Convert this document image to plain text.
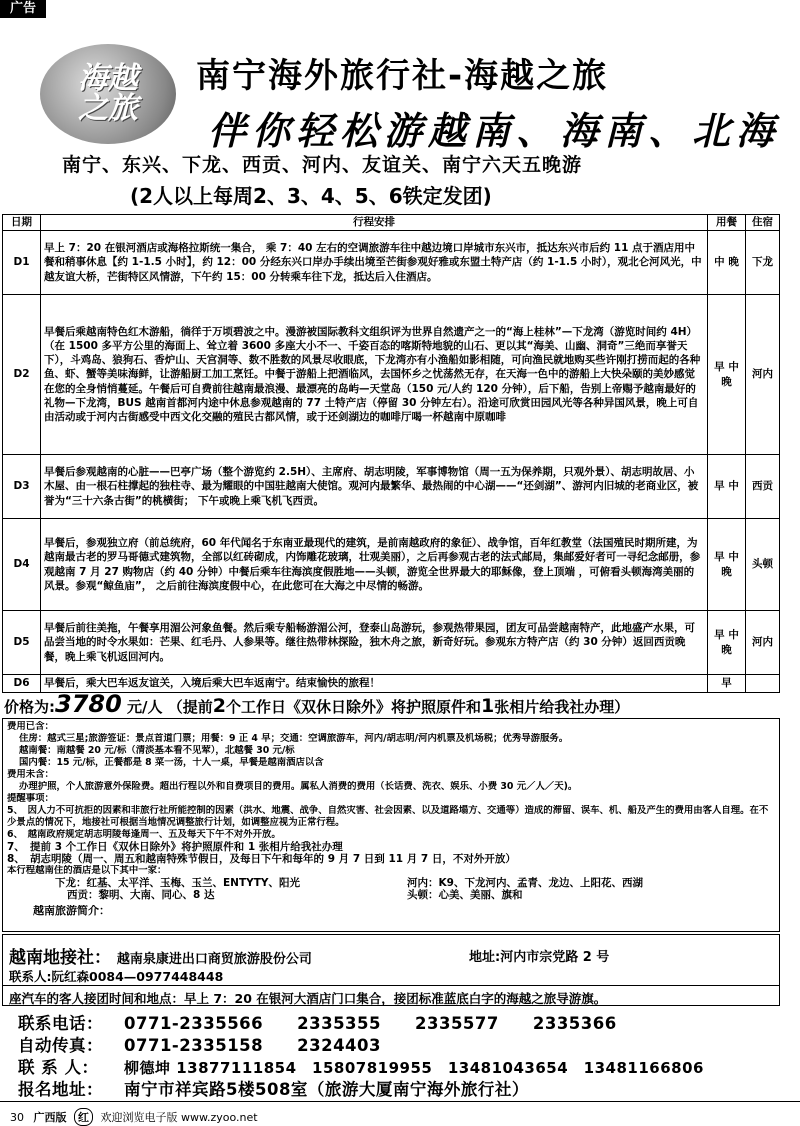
广告
海越之旅
南宁海外旅行社-海越之旅
伴你轻松游越南、海南、北海
南宁、东兴、下龙、西贡、河内、友谊关、南宁六天五晚游
(2人以上每周2、3、4、5、6铁定发团)
日期	行程安排	用餐	住宿
D1	早上 7：20 在银河酒店或海格拉斯统一集合， 乘 7：40 左右的空调旅游车往中越边境口岸城市东兴市，抵达东兴市后约 11 点于酒店用中餐和稍事休息【约 1-1.5 小时】，约 12：00 分经东兴口岸办手续出境至芒街参观好雅或东盟土特产店（约 1-1.5 小时），观北仑河风光，中越友谊大桥，芒街特区风情游，下午约 15：00 分转乘车往下龙，抵达后入住酒店。	中 晚	下龙
D2	早餐后乘越南特色红木游船，徜徉于万顷碧波之中。漫游被国际教科文组织评为世界自然遗产之一的“海上桂林”—下龙湾（游览时间约 4H）（在 1500 多平方公里的海面上、耸立着 3600 多座大小不一、千姿百态的喀斯特地貌的山石、更以其“海美、山幽、洞奇”三绝而享誉天下），斗鸡岛、狼狗石、香炉山、天宫洞等、数不胜数的风景尽收眼底，下龙湾亦有小渔船如影相随，可向渔民就地购买些许刚打捞而起的各种鱼、虾、蟹等美味海鲜，让游船厨工加工烹饪。中餐于游船上把酒临风，去国怀乡之忧荡然无存，在天海一色中的游船上大快朵颐的美妙感觉在您的全身悄悄蔓延。午餐后可自费前往越南最浪漫、最漂亮的岛屿—天堂岛（150 元/人约 120 分钟），后下船，告别上帝赐予越南最好的礼物—下龙湾，BUS 越南首都河内途中休息参观越南的 77 土特产店（停留 30 分钟左右）。沿途可欣赏田园风光等各种异国风景，晚上可自由活动或于河内古街感受中西文化交融的殖民古都风情，或于还剑湖边的咖啡厅喝一杯越南中原咖啡	早 中 晚	河内
D3	早餐后参观越南的心脏——巴亭广场（整个游览约 2.5H）、主席府、胡志明陵，军事博物馆（周一五为保养期，只观外景）、胡志明故居、小木屋、由一根石柱撑起的独柱寺、最为耀眼的中国驻越南大使馆。观河内最繁华、最热闹的中心湖——“还剑湖”、游河内旧城的老商业区，被誉为“三十六条古街”的桃横街； 下午或晚上乘飞机飞西贡。	早 中	西贡
D4	早餐后，参观独立府（前总统府，60 年代闻名于东南亚最现代的建筑，是前南越政府的象征）、战争馆，百年红教堂（法国殖民时期所建，为越南最古老的罗马哥德式建筑物，全部以红砖砌成，内饰雕花玻璃，壮观美丽），之后再参观古老的法式邮局，集邮爱好者可一寻纪念邮册，参观越南 7 月 27 购物店（约 40 分钟）中餐后乘车往海滨度假胜地——头顿，游览全世界最大的耶稣像，登上顶端 ，可俯看头顿海湾美丽的风景。参观“鲸鱼庙”， 之后前往海滨度假中心，在此您可在大海之中尽情的畅游。	早 中 晚	头顿
D5	早餐后前往美拖，午餐享用湄公河象鱼餐。然后乘专船畅游湄公河，登泰山岛游玩，参观热带果园，团友可品尝越南特产，此地盛产水果，可品尝当地的时令水果如：芒果、红毛丹、人参果等。继往热带林探险，独木舟之旅，新奇好玩。参观东方特产店（约 30 分钟）返回西贡晚餐，晚上乘飞机返回河内。	早 中 晚	河内
D6	早餐后，乘大巴车返友谊关，入境后乘大巴车返南宁。结束愉快的旅程！	早	
价格为:3780 元/人 （提前2个工作日《双休日除外》将护照原件和1张相片给我社办理）

费用已含：

住房：越式三星;旅游签证：景点首道门票；用餐：9 正 4 早；交通：空调旅游车，河内/胡志明/河内机票及机场税；优秀导游服务。

越南餐：南越餐 20 元/标（清淡基本看不见荤），北越餐 30 元/标

国内餐：15 元/标，正餐都是 8 菜一汤，十人一桌，早餐是越南酒店以含

费用未含：

办理护照，个人旅游意外保险费。超出行程以外和自费项目的费用。属私人消费的费用（长话费、洗衣、娱乐、小费 30 元／人／天)。

提醒事项：

5、　因人力不可抗拒的因素和非旅行社所能控制的因素（洪水、地震、战争、自然灾害、社会因素、以及道路塌方、交通等）造成的滞留、误车、机、船及产生的费用由客人自理。在不少景点的情况下，地接社可根据当地情况调整旅行计划，如调整应视为正常行程。

6、　越南政府规定胡志明陵每逢周一、五及每天下午不对外开放。

7、　提前 3 个工作日《双休日除外》将护照原件和 1 张相片给我社办理

8、　胡志明陵（周一、周五和越南特殊节假日，及每日下午和每年的 9 月 7 日到 11 月 7 日，不对外开放）

本行程越南住的酒店是以下其中一家：

下龙：红基、太平洋、玉梅、玉兰、ENTYTY、阳光	河内：K9、下龙河内、孟青、龙边、上阳花、西湖
西贡：黎明、大南、同心、8 达	头顿：心美、美丽、旗和

越南旅游简介：

越南地接社： 越南泉康进出口商贸旅游股份公司	地址:河内市宗党路 2 号
联系人:阮红森0084—0977448448
座汽车的客人接团时间和地点：早上 7：20 在银河大酒店门口集合，接团标准蓝底白字的海越之旅导游旗。
联系电话： 0771-2335566　　2335355　　2335577　　2335366
自动传真： 0771-2335158　　2324403
联 系 人： 柳德坤 13877111854　15807819955　13481043654　13481166806
报名地址： 南宁市祥宾路5楼508室（旅游大厦南宁海外旅行社）
30 广西版 红 欢迎浏览电子版 www.zyoo.net
